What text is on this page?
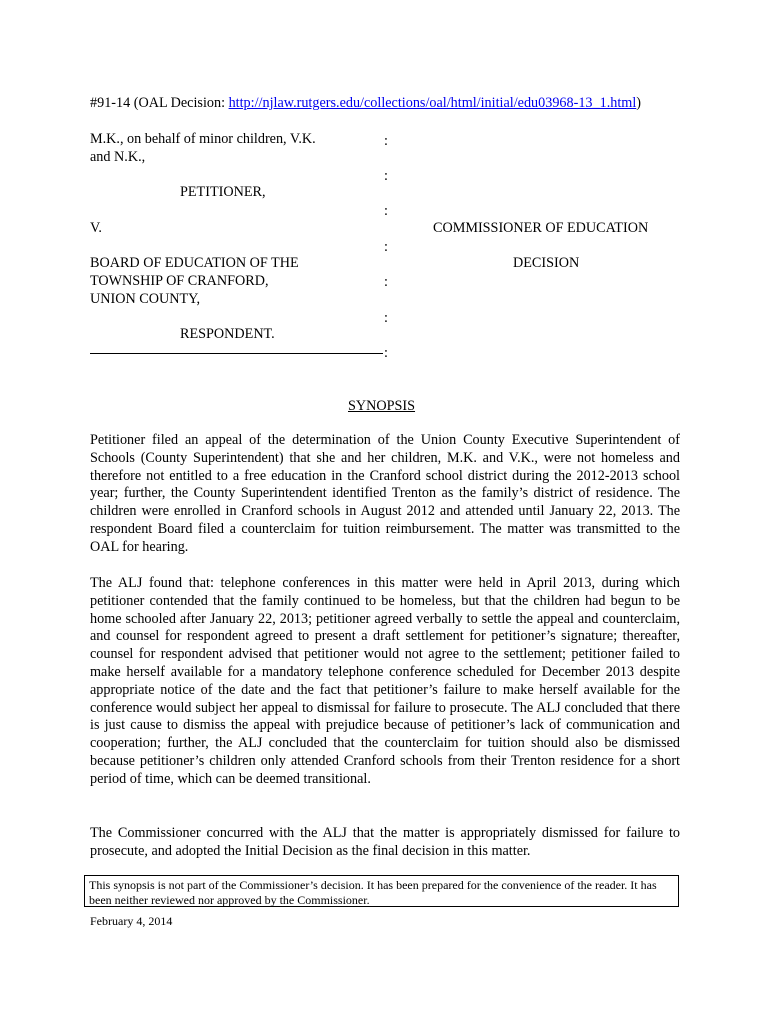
#91-14 (OAL Decision: http://njlaw.rutgers.edu/collections/oal/html/initial/edu03968-13_1.html)
M.K., on behalf of minor children, V.K.
and N.K.,
PETITIONER,
V.
BOARD OF EDUCATION OF THE
TOWNSHIP OF CRANFORD,
UNION COUNTY,
RESPONDENT.
:
:
:
:
:
:
:
COMMISSIONER OF EDUCATION
DECISION
SYNOPSIS
Petitioner filed an appeal of the determination of the Union County Executive Superintendent of Schools (County Superintendent) that she and her children, M.K. and V.K., were not homeless and therefore not entitled to a free education in the Cranford school district during the 2012-2013 school year; further, the County Superintendent identified Trenton as the family’s district of residence. The children were enrolled in Cranford schools in August 2012 and attended until January 22, 2013. The respondent Board filed a counterclaim for tuition reimbursement. The matter was transmitted to the OAL for hearing.
The ALJ found that: telephone conferences in this matter were held in April 2013, during which petitioner contended that the family continued to be homeless, but that the children had begun to be home schooled after January 22, 2013; petitioner agreed verbally to settle the appeal and counterclaim, and counsel for respondent agreed to present a draft settlement for petitioner’s signature; thereafter, counsel for respondent advised that petitioner would not agree to the settlement; petitioner failed to make herself available for a mandatory telephone conference scheduled for December 2013 despite appropriate notice of the date and the fact that petitioner’s failure to make herself available for the conference would subject her appeal to dismissal for failure to prosecute. The ALJ concluded that there is just cause to dismiss the appeal with prejudice because of petitioner’s lack of communication and cooperation; further, the ALJ concluded that the counterclaim for tuition should also be dismissed because petitioner’s children only attended Cranford schools from their Trenton residence for a short period of time, which can be deemed transitional.
The Commissioner concurred with the ALJ that the matter is appropriately dismissed for failure to prosecute, and adopted the Initial Decision as the final decision in this matter.
This synopsis is not part of the Commissioner’s decision. It has been prepared for the convenience of the reader. It has been neither reviewed nor approved by the Commissioner.
February 4, 2014
